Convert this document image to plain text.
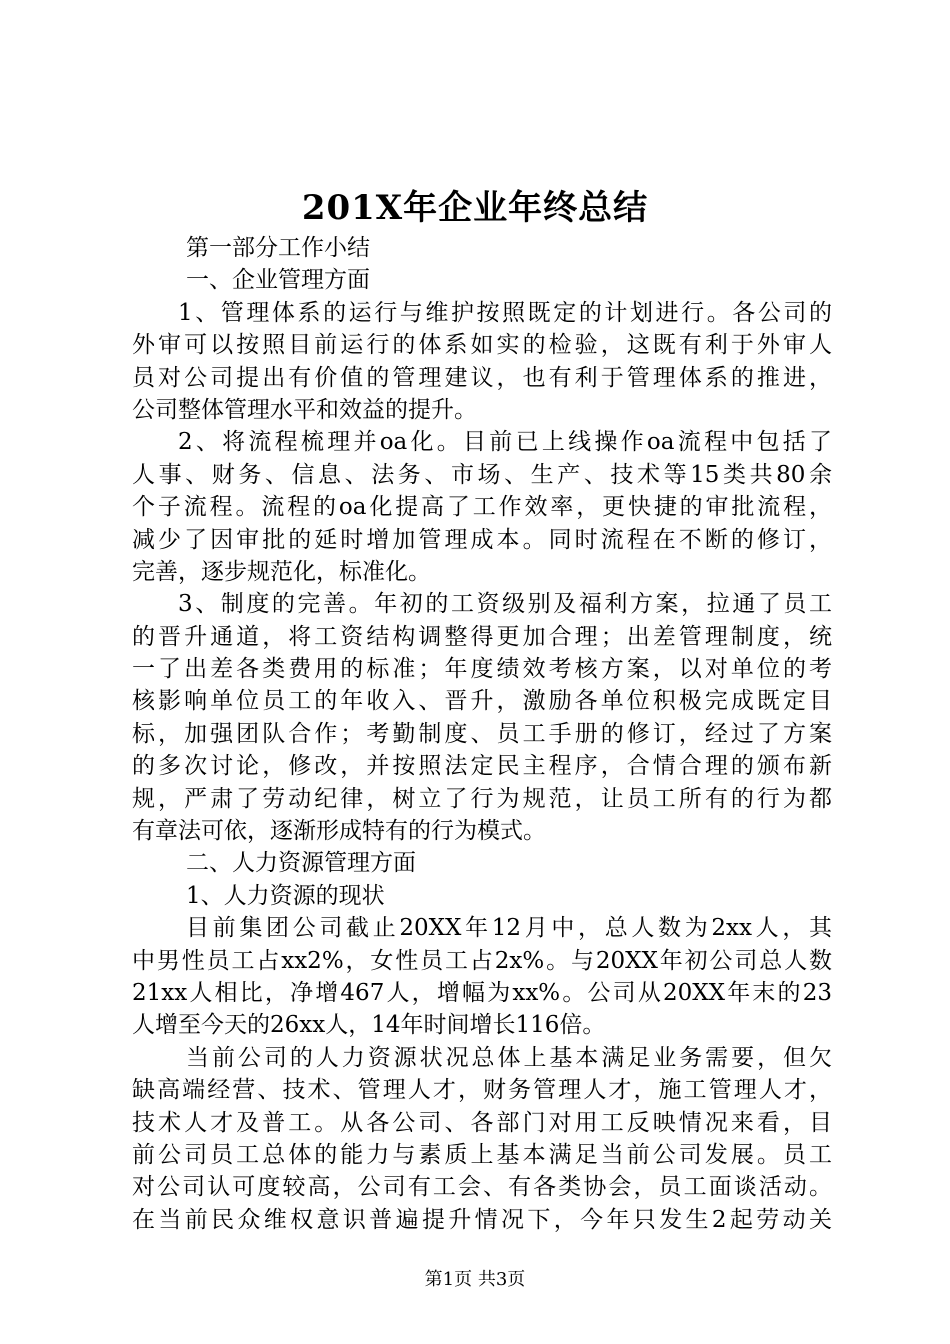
201X年企业年终总结
第一部分工作小结
一、企业管理方面
1、管理体系的运行与维护按照既定的计划进行。各公司的
外审可以按照目前运行的体系如实的检验，这既有利于外审人
员对公司提出有价值的管理建议，也有利于管理体系的推进，
公司整体管理水平和效益的提升。
2、将流程梳理并oa化。目前已上线操作oa流程中包括了
人事、财务、信息、法务、市场、生产、技术等15类共80余
个子流程。流程的oa化提高了工作效率，更快捷的审批流程，
减少了因审批的延时增加管理成本。同时流程在不断的修订，
完善，逐步规范化，标准化。
3、制度的完善。年初的工资级别及福利方案，拉通了员工
的晋升通道，将工资结构调整得更加合理；出差管理制度，统
一了出差各类费用的标准；年度绩效考核方案，以对单位的考
核影响单位员工的年收入、晋升，激励各单位积极完成既定目
标，加强团队合作；考勤制度、员工手册的修订，经过了方案
的多次讨论，修改，并按照法定民主程序，合情合理的颁布新
规，严肃了劳动纪律，树立了行为规范，让员工所有的行为都
有章法可依，逐渐形成特有的行为模式。
二、人力资源管理方面
1、人力资源的现状
目前集团公司截止20XX年12月中，总人数为2xx人，其
中男性员工占xx2%，女性员工占2x%。与20XX年初公司总人数
21xx人相比，净增467人，增幅为xx%。公司从20XX年末的23
人增至今天的26xx人，14年时间增长116倍。
当前公司的人力资源状况总体上基本满足业务需要，但欠
缺高端经营、技术、管理人才，财务管理人才，施工管理人才，
技术人才及普工。从各公司、各部门对用工反映情况来看，目
前公司员工总体的能力与素质上基本满足当前公司发展。员工
对公司认可度较高，公司有工会、有各类协会，员工面谈活动。
在当前民众维权意识普遍提升情况下，今年只发生2起劳动关
第1页 共3页
